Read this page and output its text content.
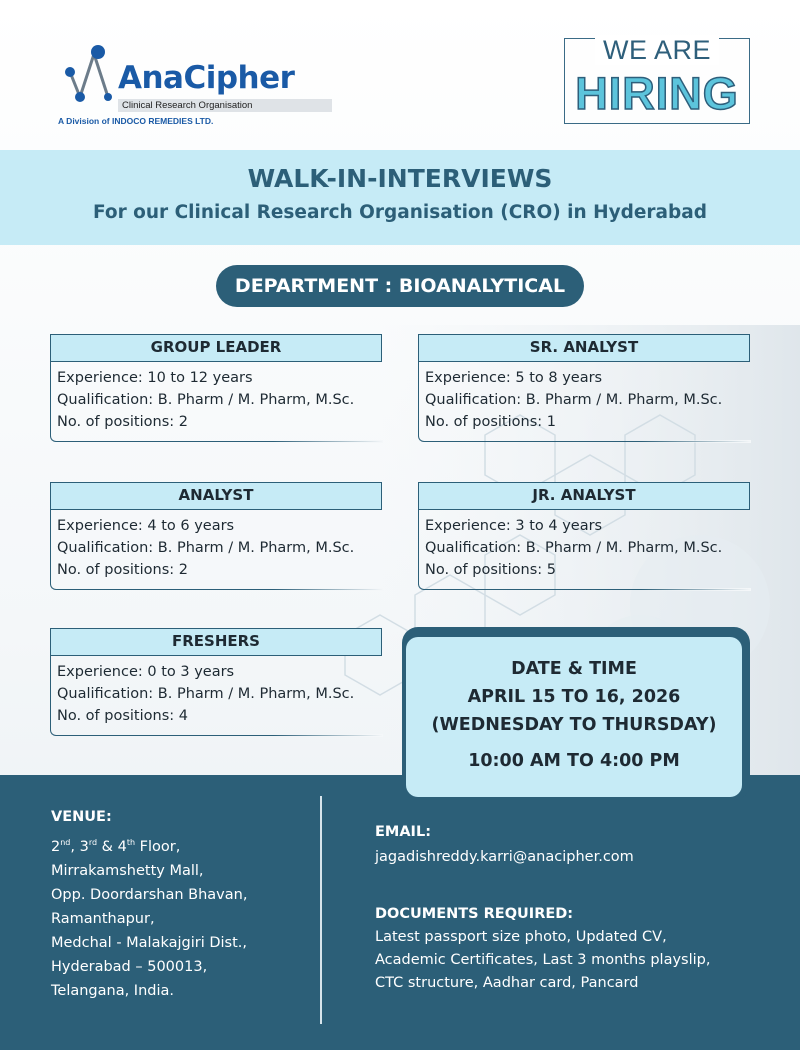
AnaCipher
Clinical Research Organisation
A Division of INDOCO REMEDIES LTD.
WE ARE
HIRING
WALK-IN-INTERVIEWS
For our Clinical Research Organisation (CRO) in Hyderabad
DEPARTMENT : BIOANALYTICAL
GROUP LEADER
Experience: 10 to 12 years
Qualification: B. Pharm / M. Pharm, M.Sc.
No. of positions: 2
SR. ANALYST
Experience: 5 to 8 years
Qualification: B. Pharm / M. Pharm, M.Sc.
No. of positions: 1
ANALYST
Experience: 4 to 6 years
Qualification: B. Pharm / M. Pharm, M.Sc.
No. of positions: 2
JR. ANALYST
Experience: 3 to 4 years
Qualification: B. Pharm / M. Pharm, M.Sc.
No. of positions: 5
FRESHERS
Experience: 0 to 3 years
Qualification: B. Pharm / M. Pharm, M.Sc.
No. of positions: 4
VENUE:
2nd, 3rd & 4th Floor,
Mirrakamshetty Mall,
Opp. Doordarshan Bhavan,
Ramanthapur,
Medchal - Malakajgiri Dist.,
Hyderabad – 500013,
Telangana, India.
EMAIL:
jagadishreddy.karri@anacipher.com
DOCUMENTS REQUIRED:
Latest passport size photo, Updated CV,
Academic Certificates, Last 3 months playslip,
CTC structure, Aadhar card, Pancard
DATE & TIME
APRIL 15 TO 16, 2026
(WEDNESDAY TO THURSDAY)
10:00 AM TO 4:00 PM
